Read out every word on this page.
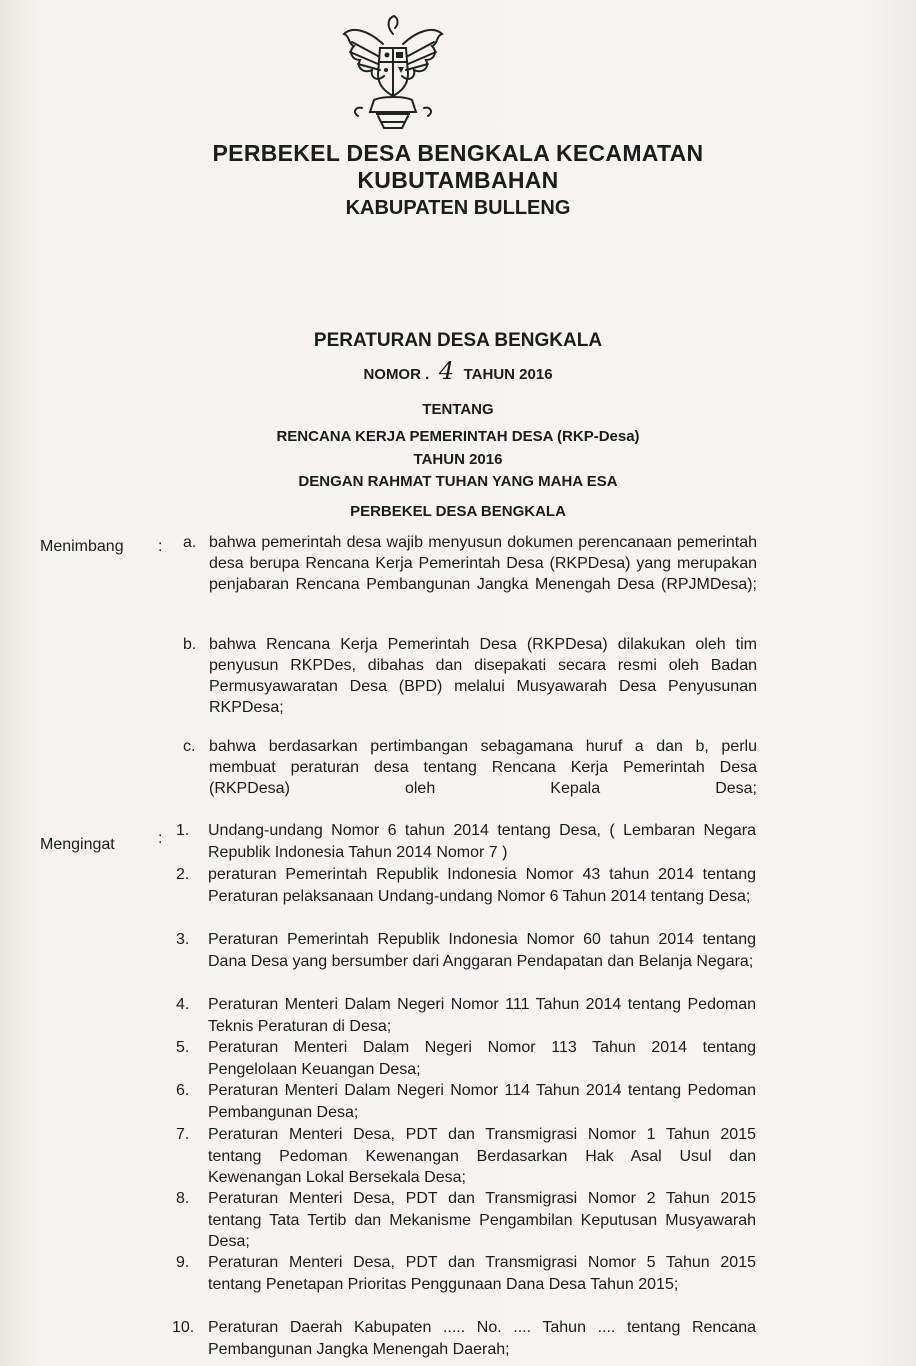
PERBEKEL DESA BENGKALA KECAMATAN
KUBUTAMBAHAN
KABUPATEN BULLENG
PERATURAN DESA BENGKALA
NOMOR . 4 TAHUN 2016
TENTANG
RENCANA KERJA PEMERINTAH DESA (RKP-Desa)
TAHUN 2016
DENGAN RAHMAT TUHAN YANG MAHA ESA
PERBEKEL DESA BENGKALA
Menimbang : a. bahwa pemerintah desa wajib menyusun dokumen perencanaan pemerintah desa berupa Rencana Kerja Pemerintah Desa (RKPDesa) yang merupakan penjabaran Rencana Pembangunan Jangka Menengah Desa (RPJMDesa);
b. bahwa Rencana Kerja Pemerintah Desa (RKPDesa) dilakukan oleh tim penyusun RKPDes, dibahas dan disepakati secara resmi oleh Badan Permusyawaratan Desa (BPD) melalui Musyawarah Desa Penyusunan RKPDesa;
c. bahwa berdasarkan pertimbangan sebagamana huruf a dan b, perlu membuat peraturan desa tentang Rencana Kerja Pemerintah Desa (RKPDesa) oleh Kepala Desa;
Mengingat	: 1. Undang-undang Nomor 6 tahun 2014 tentang Desa, ( Lembaran Negara Republik Indonesia Tahun 2014 Nomor 7 )
2. peraturan Pemerintah Republik Indonesia Nomor 43 tahun 2014 tentang Peraturan pelaksanaan Undang-undang Nomor 6 Tahun 2014 tentang Desa;
3. Peraturan Pemerintah Republik Indonesia Nomor 60 tahun 2014 tentang Dana Desa yang bersumber dari Anggaran Pendapatan dan Belanja Negara;
4. Peraturan Menteri Dalam Negeri Nomor 111 Tahun 2014 tentang Pedoman Teknis Peraturan di Desa;
5. Peraturan Menteri Dalam Negeri Nomor 113 Tahun 2014 tentang Pengelolaan Keuangan Desa;
6. Peraturan Menteri Dalam Negeri Nomor 114 Tahun 2014 tentang Pedoman Pembangunan Desa;
7. Peraturan Menteri Desa, PDT dan Transmigrasi Nomor 1 Tahun 2015 tentang Pedoman Kewenangan Berdasarkan Hak Asal Usul dan Kewenangan Lokal Bersekala Desa;
8. Peraturan Menteri Desa, PDT dan Transmigrasi Nomor 2 Tahun 2015 tentang Tata Tertib dan Mekanisme Pengambilan Keputusan Musyawarah Desa;
9. Peraturan Menteri Desa, PDT dan Transmigrasi Nomor 5 Tahun 2015 tentang Penetapan Prioritas Penggunaan Dana Desa Tahun 2015;
10. Peraturan Daerah Kabupaten ..... No. .... Tahun .... tentang Rencana Pembangunan Jangka Menengah Daerah;
